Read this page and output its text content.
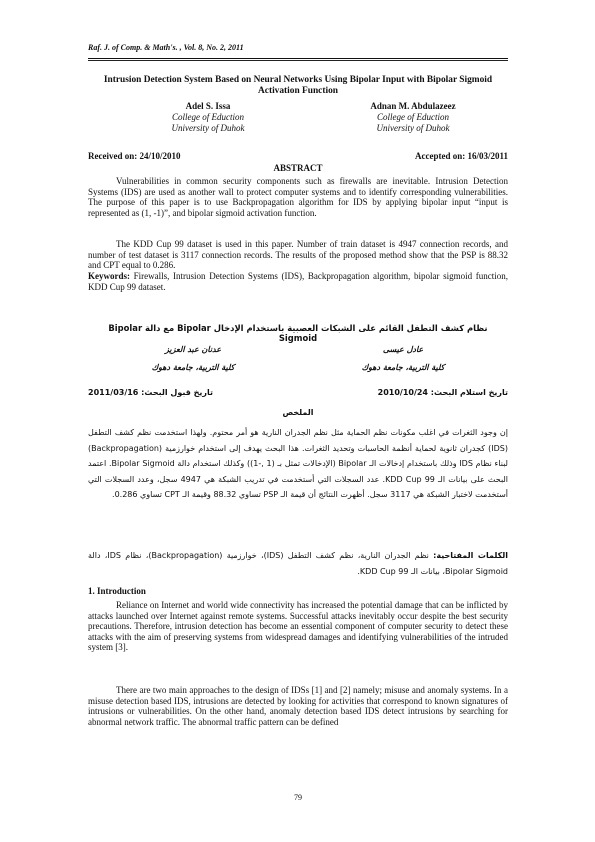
Raf. J. of Comp. & Math's. , Vol. 8, No. 2, 2011
Intrusion Detection System Based on Neural Networks Using Bipolar Input with Bipolar Sigmoid Activation Function
Adel S. Issa
College of Eduction
University of Duhok
Adnan M. Abdulazeez
College of Eduction
University of Duhok
Received on: 24/10/2010	Accepted on: 16/03/2011
ABSTRACT
Vulnerabilities in common security components such as firewalls are inevitable. Intrusion Detection Systems (IDS) are used as another wall to protect computer systems and to identify corresponding vulnerabilities. The purpose of this paper is to use Backpropagation algorithm for IDS by applying bipolar input “input is represented as (1, -1)”, and bipolar sigmoid activation function.
The KDD Cup 99 dataset is used in this paper. Number of train dataset is 4947 connection records, and number of test dataset is 3117 connection records. The results of the proposed method show that the PSP is 88.32 and CPT equal to 0.286.
Keywords: Firewalls, Intrusion Detection Systems (IDS), Backpropagation algorithm, bipolar sigmoid function, KDD Cup 99 dataset.
نظام كشف التطفل القائم على الشبكات العصبية باستخدام الإدخال Bipolar مع دالة Bipolar Sigmoid
عادل عيسى
كلية التربية، جامعة دهوك
عدنان عبد العزيز
كلية التربية، جامعة دهوك
تاريخ استلام البحث: 2010/10/24
تاريخ قبول البحث: 2011/03/16
الملخص
إن وجود الثغرات في اغلب مكونات نظم الحماية مثل نظم الجدران النارية هو أمر محتوم. ولهذا استخدمت نظم كشف التطفل (IDS) كجدران ثانوية لحماية أنظمة الحاسبات وتحديد الثغرات. هذا البحث يهدف إلى استخدام خوارزمية (Backpropagation) لبناء نظام IDS وذلك باستخدام إدخالات الـ Bipolar (الإدخالات تمثل بـ (1 ,-1)) وكذلك استخدام دالة Bipolar Sigmoid. اعتمد البحث على بيانات الـ KDD Cup 99. عدد السجلات التي أستخدمت في تدريب الشبكة هي 4947 سجل، وعدد السجلات التي أستخدمت لاختبار الشبكة هي 3117 سجل. أظهرت النتائج أن قيمة الـ PSP تساوي 88.32 وقيمة الـ CPT تساوي 0.286.
الكلمات المفتاحية: نظم الجدران النارية، نظم كشف التطفل (IDS)، خوارزمية (Backpropagation)، نظام IDS، دالة Bipolar Sigmoid، بيانات الـ KDD Cup 99.
1. Introduction
Reliance on Internet and world wide connectivity has increased the potential damage that can be inflicted by attacks launched over Internet against remote systems. Successful attacks inevitably occur despite the best security precautions. Therefore, intrusion detection has become an essential component of computer security to detect these attacks with the aim of preserving systems from widespread damages and identifying vulnerabilities of the intruded system [3].
There are two main approaches to the design of IDSs [1] and [2] namely; misuse and anomaly systems. In a misuse detection based IDS, intrusions are detected by looking for activities that correspond to known signatures of intrusions or vulnerabilities. On the other hand, anomaly detection based IDS detect intrusions by searching for abnormal network traffic. The abnormal traffic pattern can be defined
79
